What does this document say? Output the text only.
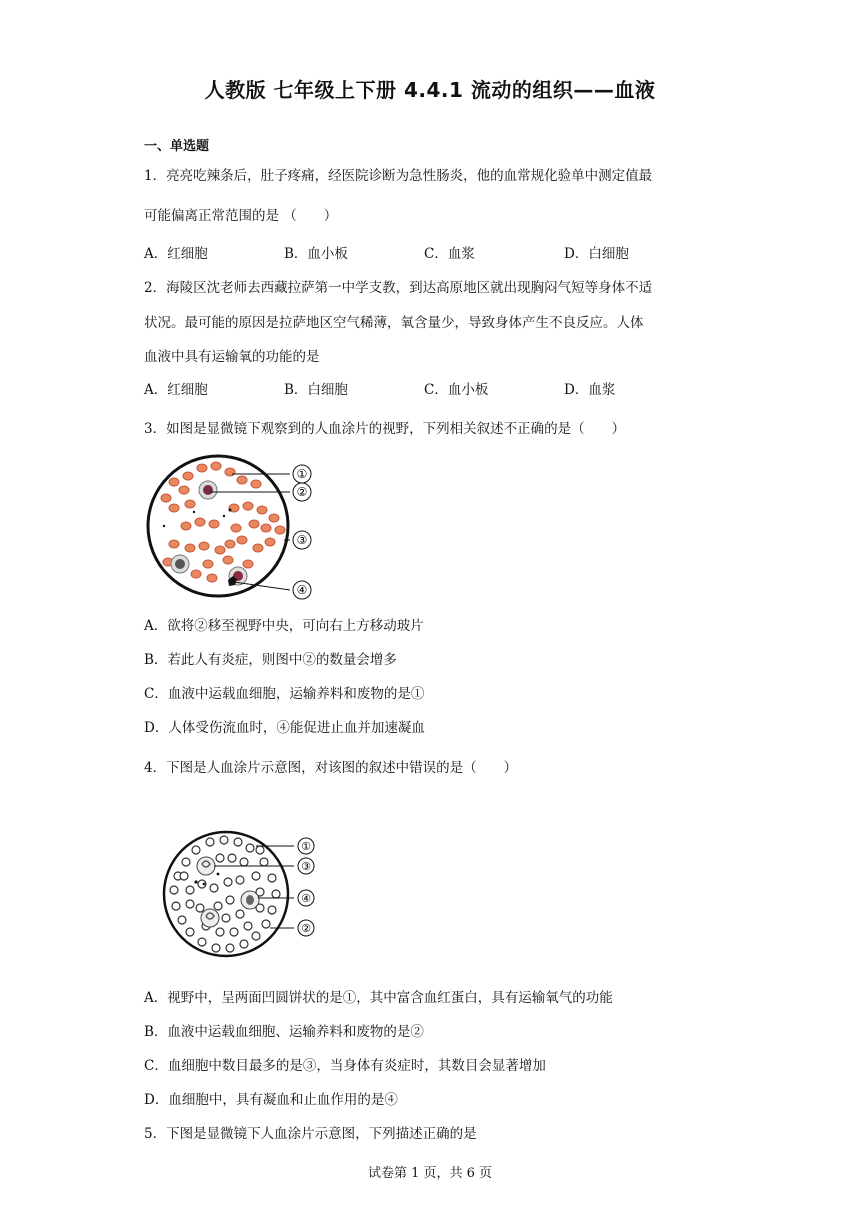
人教版 七年级上下册 4.4.1 流动的组织——血液
一、单选题
1．亮亮吃辣条后，肚子疼痛，经医院诊断为急性肠炎，他的血常规化验单中测定值最
可能偏离正常范围的是 （　　）
A．红细胞	B．血小板	C．血浆	D．白细胞
2．海陵区沈老师去西藏拉萨第一中学支教，到达高原地区就出现胸闷气短等身体不适
状况。最可能的原因是拉萨地区空气稀薄，氧含量少，导致身体产生不良反应。人体
血液中具有运输氧的功能的是
A．红细胞	B．白细胞	C．血小板	D．血浆
3．如图是显微镜下观察到的人血涂片的视野，下列相关叙述不正确的是（　　）
①
②
③
④
A．欲将②移至视野中央，可向右上方移动玻片
B．若此人有炎症，则图中②的数量会增多
C．血液中运载血细胞，运输养料和废物的是①
D．人体受伤流血时，④能促进止血并加速凝血
4．下图是人血涂片示意图，对该图的叙述中错误的是（　　）
①
③
④
②
A．视野中，呈两面凹圆饼状的是①，其中富含血红蛋白，具有运输氧气的功能
B．血液中运载血细胞、运输养料和废物的是②
C．血细胞中数目最多的是③，当身体有炎症时，其数目会显著增加
D．血细胞中，具有凝血和止血作用的是④
5．下图是显微镜下人血涂片示意图，下列描述正确的是
试卷第 1 页，共 6 页
